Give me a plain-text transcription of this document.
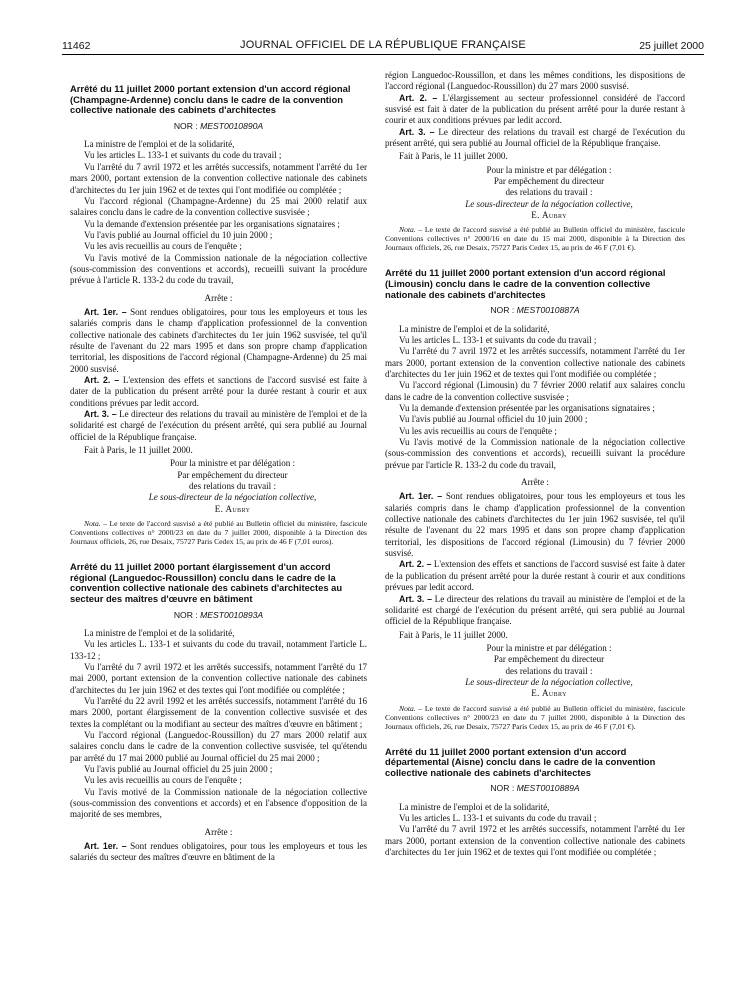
11462	JOURNAL OFFICIEL DE LA RÉPUBLIQUE FRANÇAISE	25 juillet 2000
Arrêté du 11 juillet 2000 portant extension d'un accord régional (Champagne-Ardenne) conclu dans le cadre de la convention collective nationale des cabinets d'architectes
NOR : MEST0010890A

La ministre de l'emploi et de la solidarité,

Vu les articles L. 133-1 et suivants du code du travail ;

Vu l'arrêté du 7 avril 1972 et les arrêtés successifs, notamment l'arrêté du 1er mars 2000, portant extension de la convention collective nationale des cabinets d'architectes du 1er juin 1962 et de textes qui l'ont modifiée ou complétée ;

Vu l'accord régional (Champagne-Ardenne) du 25 mai 2000 relatif aux salaires conclu dans le cadre de la convention collective susvisée ;

Vu la demande d'extension présentée par les organisations signataires ;

Vu l'avis publié au Journal officiel du 10 juin 2000 ;

Vu les avis recueillis au cours de l'enquête ;

Vu l'avis motivé de la Commission nationale de la négociation collective (sous-commission des conventions et accords), recueilli suivant la procédure prévue à l'article R. 133-2 du code du travail,

Arrête :

Art. 1er. – Sont rendues obligatoires, pour tous les employeurs et tous les salariés compris dans le champ d'application professionnel de la convention collective nationale des cabinets d'architectes du 1er juin 1962 susvisée, tel qu'il résulte de l'avenant du 22 mars 1995 et dans son propre champ d'application territorial, les dispositions de l'accord régional (Champagne-Ardenne) du 25 mai 2000 susvisé.

Art. 2. – L'extension des effets et sanctions de l'accord susvisé est faite à dater de la publication du présent arrêté pour la durée restant à courir et aux conditions prévues par ledit accord.

Art. 3. – Le directeur des relations du travail au ministère de l'emploi et de la solidarité est chargé de l'exécution du présent arrêté, qui sera publié au Journal officiel de la République française.

Fait à Paris, le 11 juillet 2000.

Pour la ministre et par délégation :
Par empêchement du directeur
des relations du travail :
Le sous-directeur de la négociation collective,
E. Aubry
Nota. – Le texte de l'accord susvisé a été publié au Bulletin officiel du ministère, fascicule Conventions collectives n° 2000/23 en date du 7 juillet 2000, disponible à la Direction des Journaux officiels, 26, rue Desaix, 75727 Paris Cedex 15, au prix de 46 F (7,01 euros).
Arrêté du 11 juillet 2000 portant élargissement d'un accord régional (Languedoc-Roussillon) conclu dans le cadre de la convention collective nationale des cabinets d'architectes au secteur des maîtres d'œuvre en bâtiment
NOR : MEST0010893A

La ministre de l'emploi et de la solidarité,

Vu les articles L. 133-1 et suivants du code du travail, notamment l'article L. 133-12 ;

Vu l'arrêté du 7 avril 1972 et les arrêtés successifs, notamment l'arrêté du 17 mai 2000, portant extension de la convention collective nationale des cabinets d'architectes du 1er juin 1962 et des textes qui l'ont modifiée ou complétée ;

Vu l'arrêté du 22 avril 1992 et les arrêtés successifs, notamment l'arrêté du 16 mars 2000, portant élargissement de la convention collective susvisée et des textes la complétant ou la modifiant au secteur des maîtres d'œuvre en bâtiment ;

Vu l'accord régional (Languedoc-Roussillon) du 27 mars 2000 relatif aux salaires conclu dans le cadre de la convention collective susvisée, tel qu'étendu par arrêté du 17 mai 2000 publié au Journal officiel du 25 mai 2000 ;

Vu l'avis publié au Journal officiel du 25 juin 2000 ;

Vu les avis recueillis au cours de l'enquête ;

Vu l'avis motivé de la Commission nationale de la négociation collective (sous-commission des conventions et accords) et en l'absence d'opposition de la majorité de ses membres,

Arrête :

Art. 1er. – Sont rendues obligatoires, pour tous les employeurs et tous les salariés du secteur des maîtres d'œuvre en bâtiment de la

région Languedoc-Roussillon, et dans les mêmes conditions, les dispositions de l'accord régional (Languedoc-Roussillon) du 27 mars 2000 susvisé.

Art. 2. – L'élargissement au secteur professionnel considéré de l'accord susvisé est fait à dater de la publication du présent arrêté pour la durée restant à courir et aux conditions prévues par ledit accord.

Art. 3. – Le directeur des relations du travail est chargé de l'exécution du présent arrêté, qui sera publié au Journal officiel de la République française.

Fait à Paris, le 11 juillet 2000.

Pour la ministre et par délégation :
Par empêchement du directeur
des relations du travail :
Le sous-directeur de la négociation collective,
E. Aubry
Nota. – Le texte de l'accord susvisé a été publié au Bulletin officiel du ministère, fascicule Conventions collectives n° 2000/16 en date du 15 mai 2000, disponible à la Direction des Journaux officiels, 26, rue Desaix, 75727 Paris Cedex 15, au prix de 46 F (7,01 €).
Arrêté du 11 juillet 2000 portant extension d'un accord régional (Limousin) conclu dans le cadre de la convention collective nationale des cabinets d'architectes
NOR : MEST0010887A

La ministre de l'emploi et de la solidarité,

Vu les articles L. 133-1 et suivants du code du travail ;

Vu l'arrêté du 7 avril 1972 et les arrêtés successifs, notamment l'arrêté du 1er mars 2000, portant extension de la convention collective nationale des cabinets d'architectes du 1er juin 1962 et de textes qui l'ont modifiée ou complétée ;

Vu l'accord régional (Limousin) du 7 février 2000 relatif aux salaires conclu dans le cadre de la convention collective susvisée ;

Vu la demande d'extension présentée par les organisations signataires ;

Vu l'avis publié au Journal officiel du 10 juin 2000 ;

Vu les avis recueillis au cours de l'enquête ;

Vu l'avis motivé de la Commission nationale de la négociation collective (sous-commission des conventions et accords), recueilli suivant la procédure prévue par l'article R. 133-2 du code du travail,

Arrête :

Art. 1er. – Sont rendues obligatoires, pour tous les employeurs et tous les salariés compris dans le champ d'application professionnel de la convention collective nationale des cabinets d'architectes du 1er juin 1962 susvisée, tel qu'il résulte de l'avenant du 22 mars 1995 et dans son propre champ d'application territorial, les dispositions de l'accord régional (Limousin) du 7 février 2000 susvisé.

Art. 2. – L'extension des effets et sanctions de l'accord susvisé est faite à dater de la publication du présent arrêté pour la durée restant à courir et aux conditions prévues par ledit accord.

Art. 3. – Le directeur des relations du travail au ministère de l'emploi et de la solidarité est chargé de l'exécution du présent arrêté, qui sera publié au Journal officiel de la République française.

Fait à Paris, le 11 juillet 2000.

Pour la ministre et par délégation :
Par empêchement du directeur
des relations du travail :
Le sous-directeur de la négociation collective,
E. Aubry
Nota. – Le texte de l'accord susvisé a été publié au Bulletin officiel du ministère, fascicule Conventions collectives n° 2000/23 en date du 7 juillet 2000, disponible à la Direction des Journaux officiels, 26, rue Desaix, 75727 Paris Cedex 15, au prix de 46 F (7,01 €).
Arrêté du 11 juillet 2000 portant extension d'un accord départemental (Aisne) conclu dans le cadre de la convention collective nationale des cabinets d'architectes
NOR : MEST0010889A

La ministre de l'emploi et de la solidarité,

Vu les articles L. 133-1 et suivants du code du travail ;

Vu l'arrêté du 7 avril 1972 et les arrêtés successifs, notamment l'arrêté du 1er mars 2000, portant extension de la convention collective nationale des cabinets d'architectes du 1er juin 1962 et de textes qui l'ont modifiée ou complétée ;
